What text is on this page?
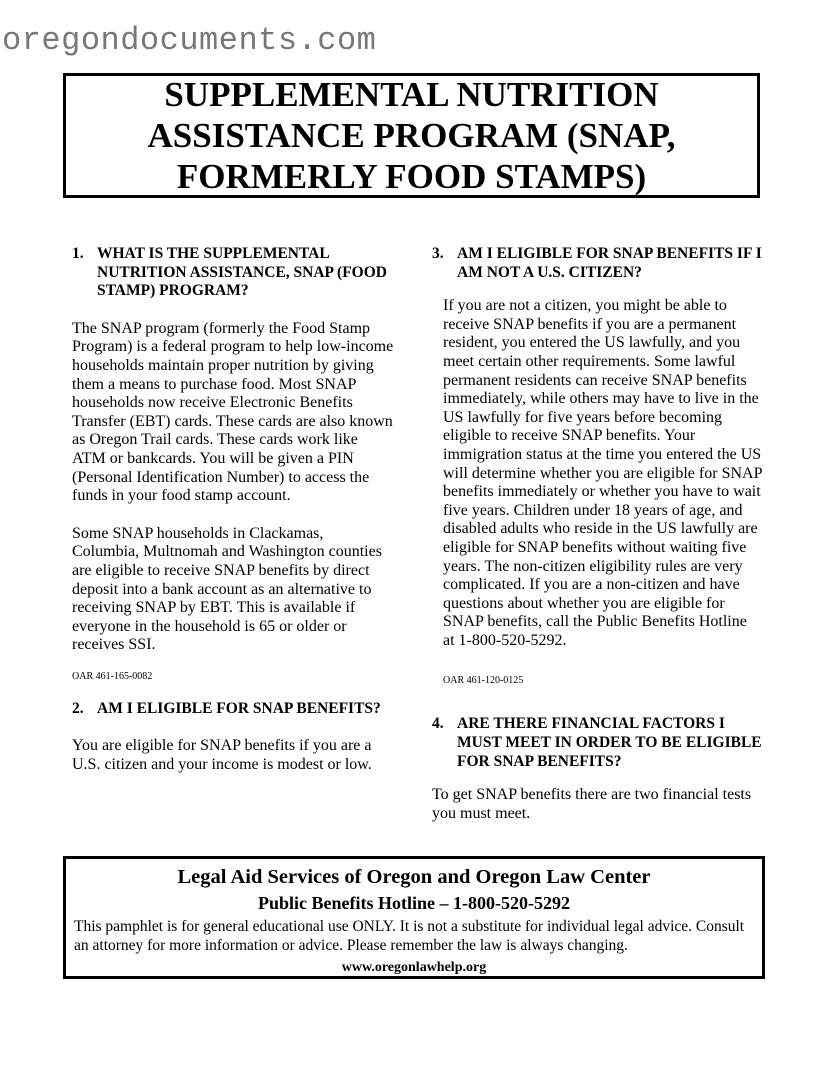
oregondocuments.com
SUPPLEMENTAL NUTRITION ASSISTANCE PROGRAM (SNAP, FORMERLY FOOD STAMPS)
1. WHAT IS THE SUPPLEMENTAL NUTRITION ASSISTANCE, SNAP (FOOD STAMP) PROGRAM?

The SNAP program (formerly the Food Stamp Program) is a federal program to help low-income households maintain proper nutrition by giving them a means to purchase food. Most SNAP households now receive Electronic Benefits Transfer (EBT) cards. These cards are also known as Oregon Trail cards. These cards work like ATM or bankcards. You will be given a PIN (Personal Identification Number) to access the funds in your food stamp account.

Some SNAP households in Clackamas, Columbia, Multnomah and Washington counties are eligible to receive SNAP benefits by direct deposit into a bank account as an alternative to receiving SNAP by EBT. This is available if everyone in the household is 65 or older or receives SSI.

OAR 461-165-0082

2. AM I ELIGIBLE FOR SNAP BENEFITS?

You are eligible for SNAP benefits if you are a U.S. citizen and your income is modest or low.

3. AM I ELIGIBLE FOR SNAP BENEFITS IF I AM NOT A U.S. CITIZEN?

If you are not a citizen, you might be able to receive SNAP benefits if you are a permanent resident, you entered the US lawfully, and you meet certain other requirements. Some lawful permanent residents can receive SNAP benefits immediately, while others may have to live in the US lawfully for five years before becoming eligible to receive SNAP benefits. Your immigration status at the time you entered the US will determine whether you are eligible for SNAP benefits immediately or whether you have to wait five years. Children under 18 years of age, and disabled adults who reside in the US lawfully are eligible for SNAP benefits without waiting five years. The non-citizen eligibility rules are very complicated. If you are a non-citizen and have questions about whether you are eligible for SNAP benefits, call the Public Benefits Hotline at 1-800-520-5292.

OAR 461-120-0125

4. ARE THERE FINANCIAL FACTORS I MUST MEET IN ORDER TO BE ELIGIBLE FOR SNAP BENEFITS?

To get SNAP benefits there are two financial tests you must meet.

Legal Aid Services of Oregon and Oregon Law Center
Public Benefits Hotline – 1-800-520-5292
This pamphlet is for general educational use ONLY. It is not a substitute for individual legal advice. Consult an attorney for more information or advice. Please remember the law is always changing.
www.oregonlawhelp.org
